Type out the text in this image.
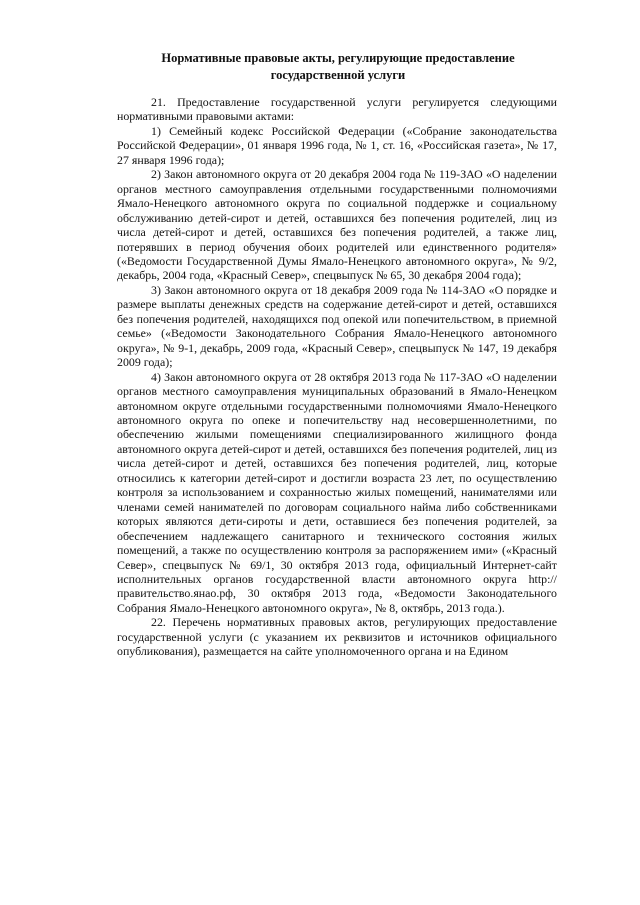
Нормативные правовые акты, регулирующие предоставление
государственной услуги

21. Предоставление государственной услуги регулируется следующими нормативными правовыми актами:

1) Семейный кодекс Российской Федерации («Собрание законодательства Российской Федерации», 01 января 1996 года, № 1, ст. 16, «Российская газета», № 17, 27 января 1996 года);

2) Закон автономного округа от 20 декабря 2004 года № 119-ЗАО «О наделении органов местного самоуправления отдельными государственными полномочиями Ямало-Ненецкого автономного округа по социальной поддержке и социальному обслуживанию детей-сирот и детей, оставшихся без попечения родителей, лиц из числа детей-сирот и детей, оставшихся без попечения родителей, а также лиц, потерявших в период обучения обоих родителей или единственного родителя» («Ведомости Государственной Думы Ямало-Ненецкого автономного округа», № 9/2, декабрь, 2004 года, «Красный Север», спецвыпуск № 65, 30 декабря 2004 года);

3) Закон автономного округа от 18 декабря 2009 года № 114-ЗАО «О порядке и размере выплаты денежных средств на содержание детей-сирот и детей, оставшихся без попечения родителей, находящихся под опекой или попечительством, в приемной семье» («Ведомости Законодательного Собрания Ямало-Ненецкого автономного округа», № 9-1, декабрь, 2009 года, «Красный Север», спецвыпуск № 147, 19 декабря 2009 года);

4) Закон автономного округа от 28 октября 2013 года № 117-ЗАО «О наделении органов местного самоуправления муниципальных образований в Ямало-Ненецком автономном округе отдельными государственными полномочиями Ямало-Ненецкого автономного округа по опеке и попечительству над несовершеннолетними, по обеспечению жилыми помещениями специализированного жилищного фонда автономного округа детей-сирот и детей, оставшихся без попечения родителей, лиц из числа детей-сирот и детей, оставшихся без попечения родителей, лиц, которые относились к категории детей-сирот и достигли возраста 23 лет, по осуществлению контроля за использованием и сохранностью жилых помещений, нанимателями или членами семей нанимателей по договорам социального найма либо собственниками которых являются дети-сироты и дети, оставшиеся без попечения родителей, за обеспечением надлежащего санитарного и технического состояния жилых помещений, а также по осуществлению контроля за распоряжением ими» («Красный Север», спецвыпуск № 69/1, 30 октября 2013 года, официальный Интернет-сайт исполнительных органов государственной власти автономного округа http://правительство.янао.рф, 30 октября 2013 года, «Ведомости Законодательного Собрания Ямало-Ненецкого автономного округа», № 8, октябрь, 2013 года.).

22. Перечень нормативных правовых актов, регулирующих предоставление государственной услуги (с указанием их реквизитов и источников официального опубликования), размещается на сайте уполномоченного органа и на Едином
